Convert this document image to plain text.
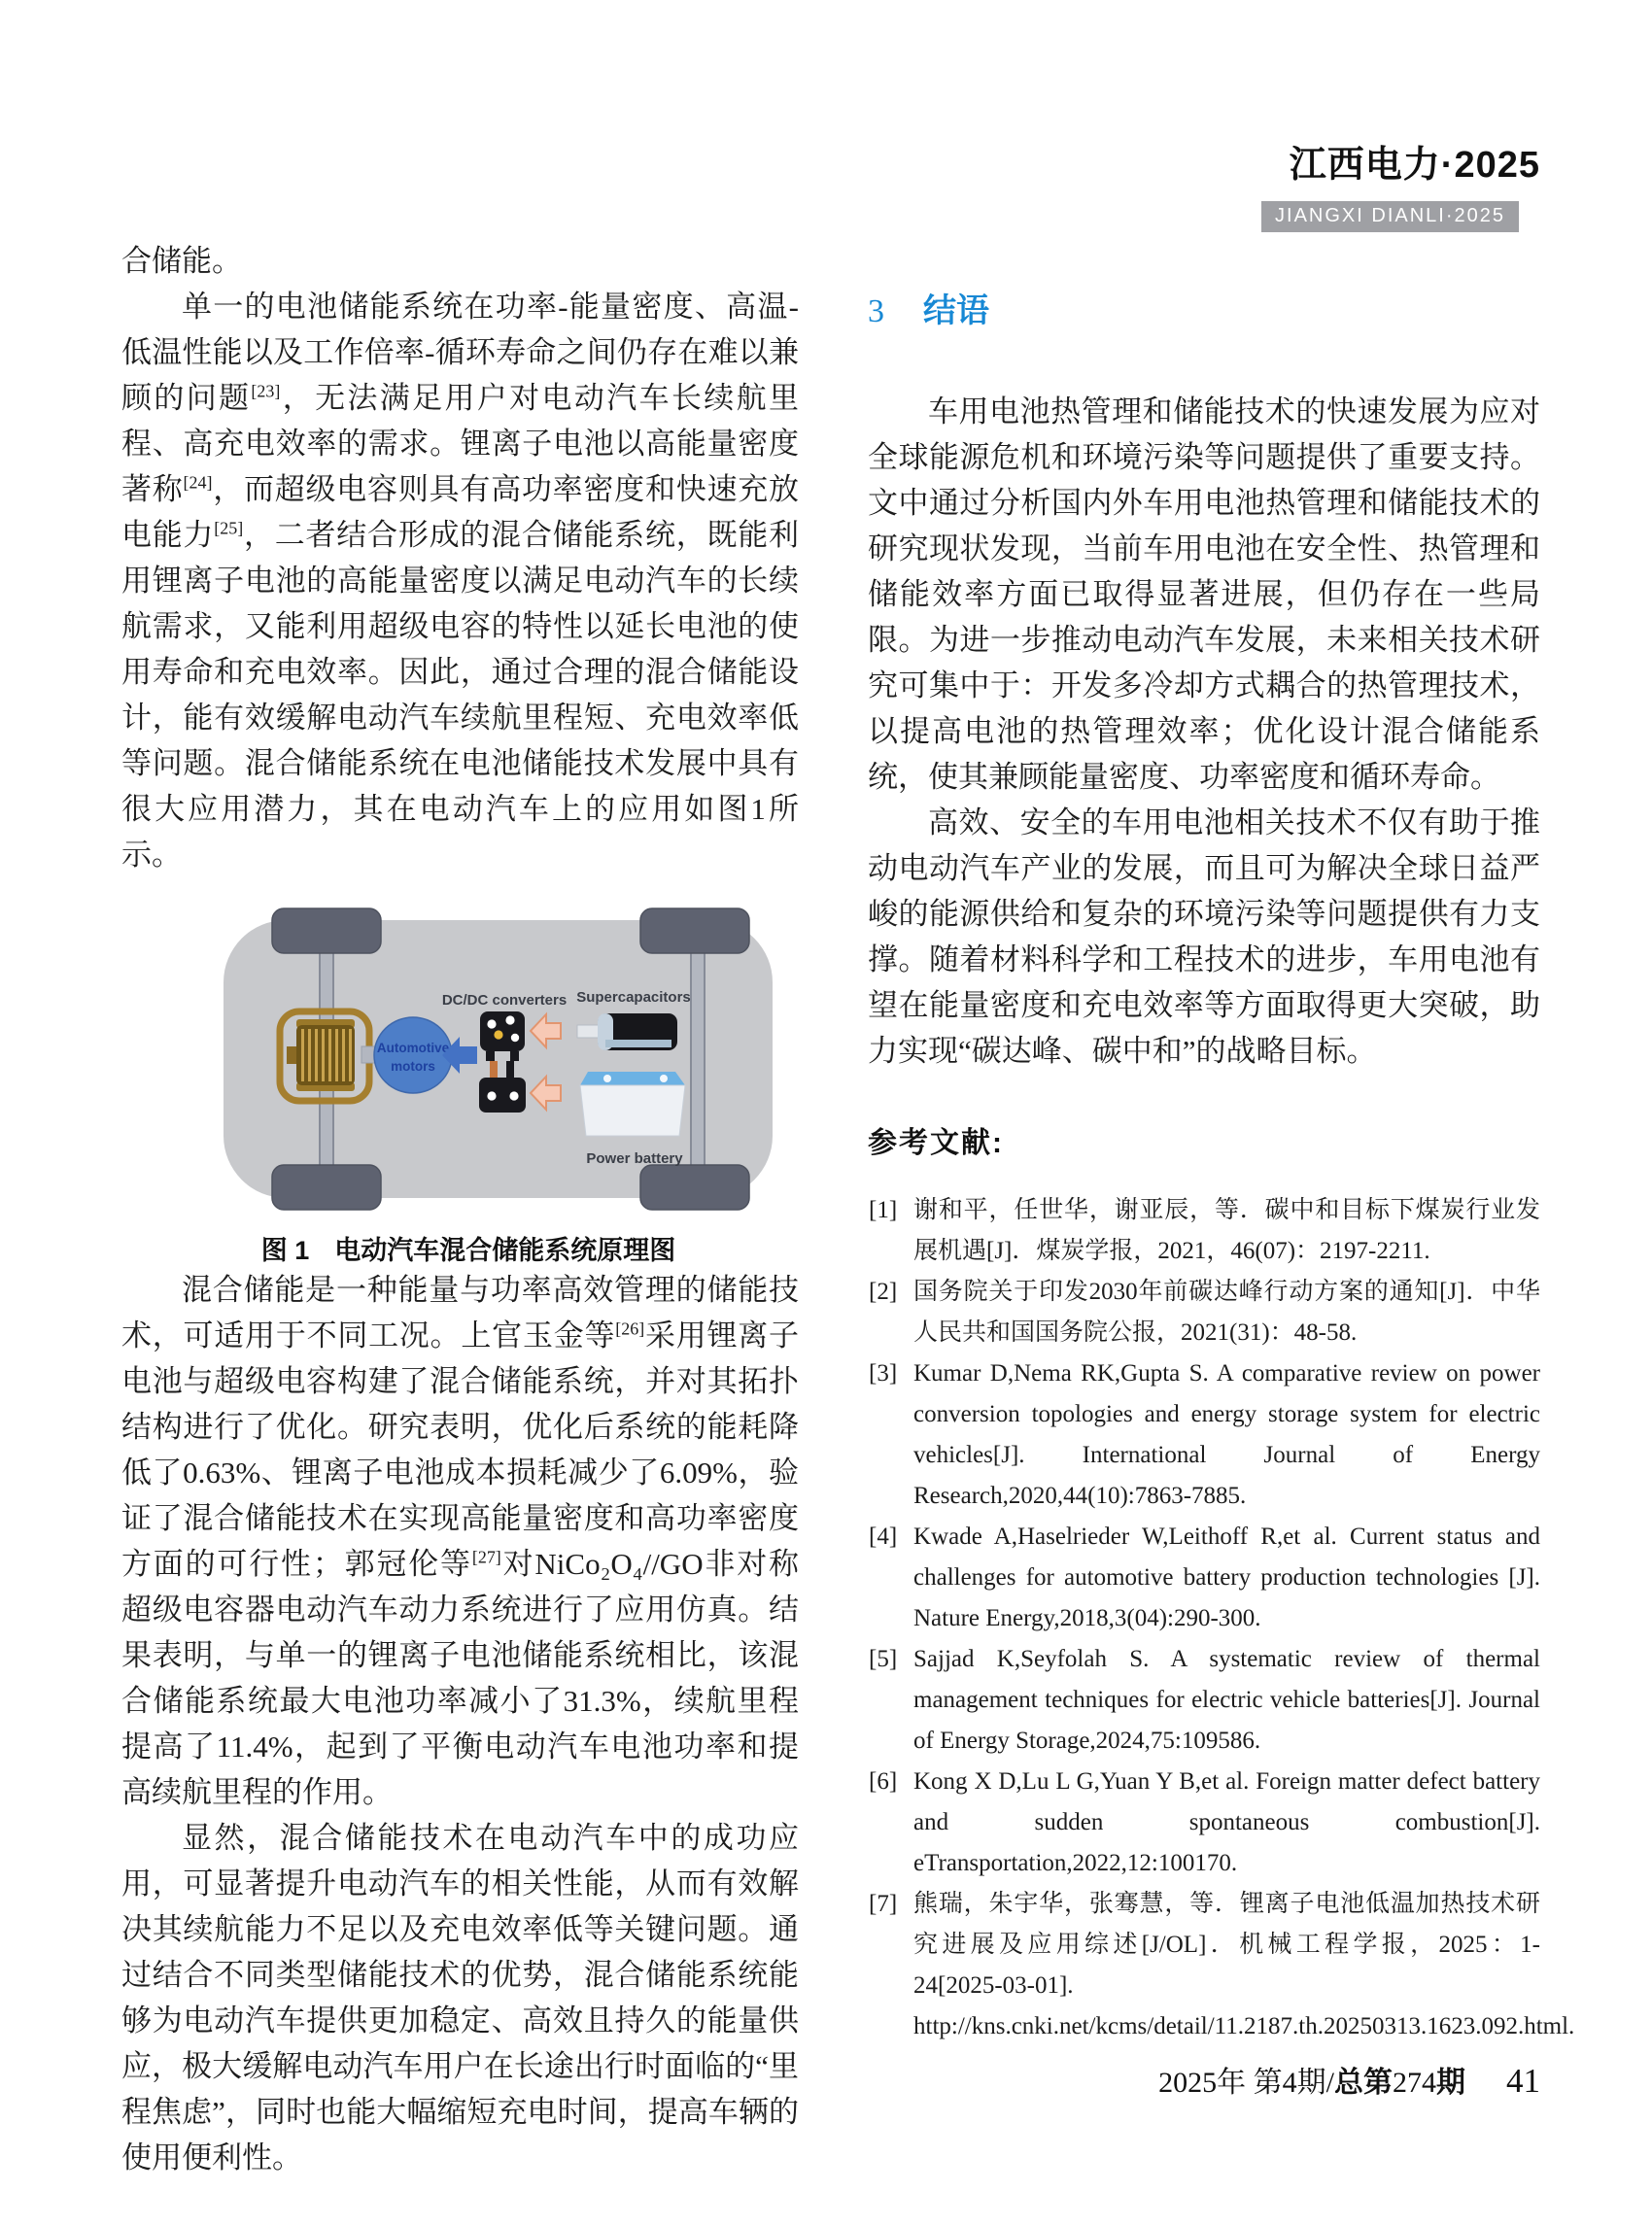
江西电力·2025
JIANGXI DIANLI·2025

合储能。

单一的电池储能系统在功率-能量密度、高温-低温性能以及工作倍率-循环寿命之间仍存在难以兼顾的问题[23]，无法满足用户对电动汽车长续航里程、高充电效率的需求。锂离子电池以高能量密度著称[24]，而超级电容则具有高功率密度和快速充放电能力[25]，二者结合形成的混合储能系统，既能利用锂离子电池的高能量密度以满足电动汽车的长续航需求，又能利用超级电容的特性以延长电池的使用寿命和充电效率。因此，通过合理的混合储能设计，能有效缓解电动汽车续航里程短、充电效率低等问题。混合储能系统在电池储能技术发展中具有很大应用潜力，其在电动汽车上的应用如图1所示。

Automotive
motors
DC/DC converters Supercapacitors
Power battery
图 1 电动汽车混合储能系统原理图

混合储能是一种能量与功率高效管理的储能技术，可适用于不同工况。上官玉金等[26]采用锂离子电池与超级电容构建了混合储能系统，并对其拓扑结构进行了优化。研究表明，优化后系统的能耗降低了0.63%、锂离子电池成本损耗减少了6.09%，验证了混合储能技术在实现高能量密度和高功率密度方面的可行性；郭冠伦等[27]对NiCo₂O₄//GO非对称超级电容器电动汽车动力系统进行了应用仿真。结果表明，与单一的锂离子电池储能系统相比，该混合储能系统最大电池功率减小了31.3%，续航里程提高了11.4%，起到了平衡电动汽车电池功率和提高续航里程的作用。

显然，混合储能技术在电动汽车中的成功应用，可显著提升电动汽车的相关性能，从而有效解决其续航能力不足以及充电效率低等关键问题。通过结合不同类型储能技术的优势，混合储能系统能够为电动汽车提供更加稳定、高效且持久的能量供应，极大缓解电动汽车用户在长途出行时面临的“里程焦虑”，同时也能大幅缩短充电时间，提高车辆的使用便利性。

3 结语

车用电池热管理和储能技术的快速发展为应对全球能源危机和环境污染等问题提供了重要支持。文中通过分析国内外车用电池热管理和储能技术的研究现状发现，当前车用电池在安全性、热管理和储能效率方面已取得显著进展，但仍存在一些局限。为进一步推动电动汽车发展，未来相关技术研究可集中于：开发多冷却方式耦合的热管理技术，以提高电池的热管理效率；优化设计混合储能系统，使其兼顾能量密度、功率密度和循环寿命。

高效、安全的车用电池相关技术不仅有助于推动电动汽车产业的发展，而且可为解决全球日益严峻的能源供给和复杂的环境污染等问题提供有力支撑。随着材料科学和工程技术的进步，车用电池有望在能量密度和充电效率等方面取得更大突破，助力实现“碳达峰、碳中和”的战略目标。

参考文献:
[1] 谢和平，任世华，谢亚辰，等．碳中和目标下煤炭行业发展机遇[J]．煤炭学报，2021，46(07)：2197-2211.
[2] 国务院关于印发2030年前碳达峰行动方案的通知[J]．中华人民共和国国务院公报，2021(31)：48-58.
[3] Kumar D,Nema RK,Gupta S. A comparative review on power conversion topologies and energy storage system for electric vehicles[J]. International Journal of Energy Research,2020,44(10):7863-7885.
[4] Kwade A,Haselrieder W,Leithoff R,et al. Current status and challenges for automotive battery production technologies [J]. Nature Energy,2018,3(04):290-300.
[5] Sajjad K,Seyfolah S. A systematic review of thermal management techniques for electric vehicle batteries[J]. Journal of Energy Storage,2024,75:109586.
[6] Kong X D,Lu L G,Yuan Y B,et al. Foreign matter defect battery and sudden spontaneous combustion[J]. eTransportation,2022,12:100170.
[7] 熊瑞，朱宇华，张骞慧，等．锂离子电池低温加热技术研究进展及应用综述[J/OL]．机械工程学报，2025：1-24[2025-03-01]. http://kns.cnki.net/kcms/detail/11.2187.th.20250313.1623.092.html.
2025年 第4期/总第274期 41
